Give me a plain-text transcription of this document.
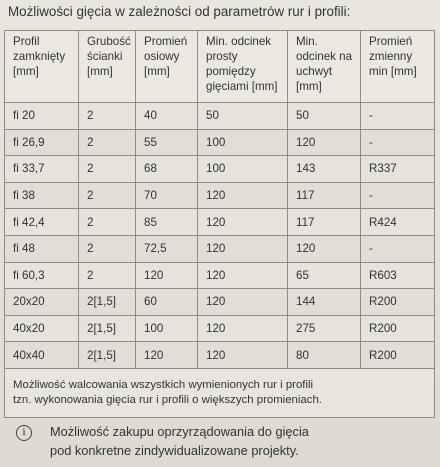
Możliwości gięcia w zależności od parametrów rur i profili:
Profil zamknięty [mm]	Grubość ścianki [mm]	Promień osiowy [mm]	Min. odcinek prosty pomiędzy gięciami [mm]	Min. odcinek na uchwyt [mm]	Promień zmienny min [mm]
fi 20	2	40	50	50	-
fi 26,9	2	55	100	120	-
fi 33,7	2	68	100	143	R337
fi 38	2	70	120	117	-
fi 42,4	2	85	120	117	R424
fi 48	2	72,5	120	120	-
fi 60,3	2	120	120	65	R603
20x20	2[1,5]	60	120	144	R200
40x20	2[1,5]	100	120	275	R200
40x40	2[1,5]	120	120	80	R200

Możliwość walcowania wszystkich wymienionych rur i profili
tzn. wykonowania gięcia rur i profili o większych promieniach.					
i	Możliwość zakupu oprzyrządowania do gięcia
pod konkretne zindywidualizowane projekty.
